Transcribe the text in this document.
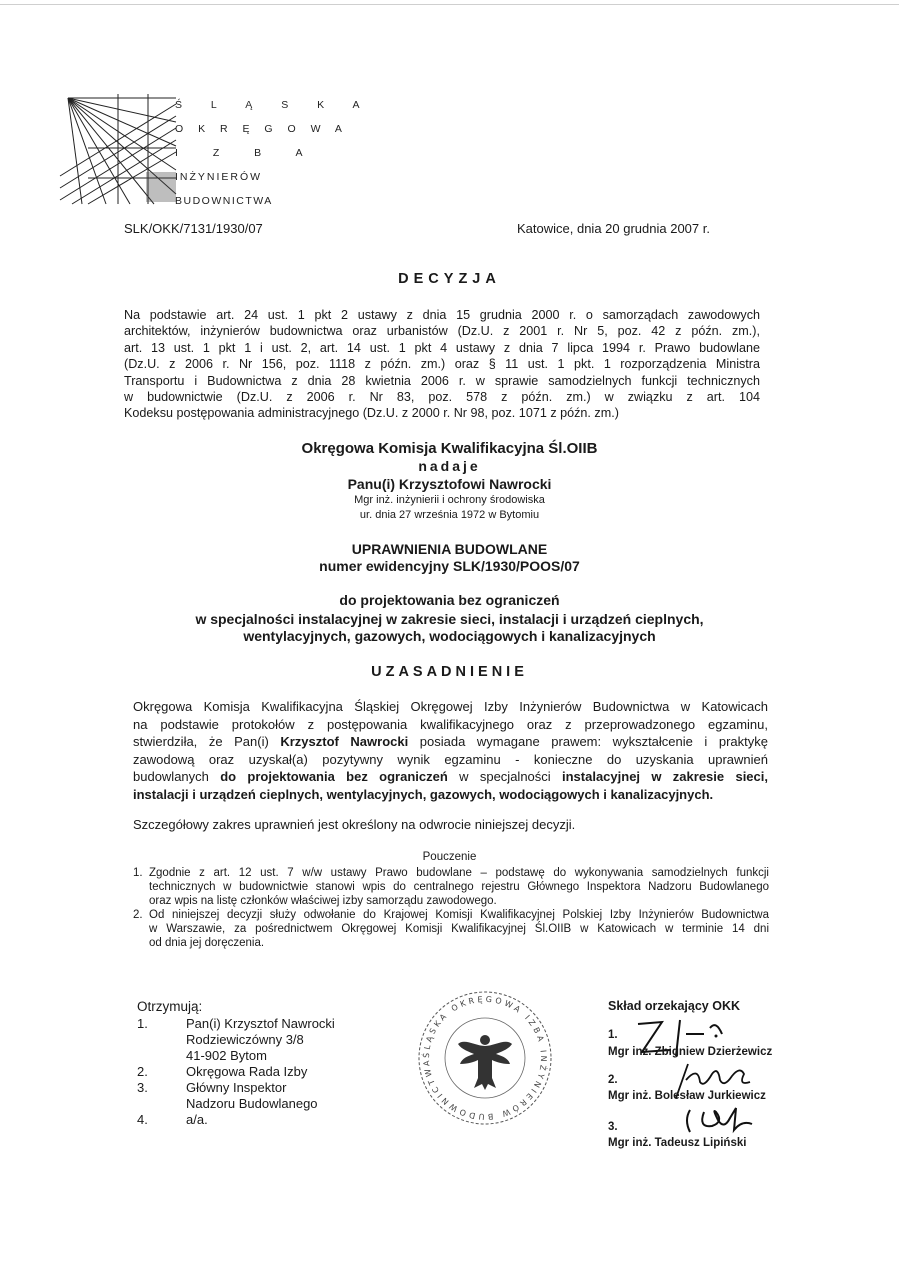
Ś L Ą S K A
O K R Ę G O W A
I Z B A
INŻYNIERÓW
BUDOWNICTWA
SLK/OKK/7131/1930/07	Katowice, dnia 20 grudnia 2007 r.
DECYZJA
Na podstawie art. 24 ust. 1 pkt 2 ustawy z dnia 15 grudnia 2000 r. o samorządach zawodowych
architektów, inżynierów budownictwa oraz urbanistów (Dz.U. z 2001 r. Nr 5, poz. 42 z późn. zm.),
art. 13 ust. 1 pkt 1 i ust. 2, art. 14 ust. 1 pkt 4 ustawy z dnia 7 lipca 1994 r. Prawo budowlane
(Dz.U. z 2006 r. Nr 156, poz. 1118 z późn. zm.) oraz § 11 ust. 1 pkt. 1 rozporządzenia Ministra
Transportu i Budownictwa z dnia 28 kwietnia 2006 r. w sprawie samodzielnych funkcji technicznych
w budownictwie (Dz.U. z 2006 r. Nr 83, poz. 578 z późn. zm.) w związku z art. 104
Kodeksu postępowania administracyjnego (Dz.U. z 2000 r. Nr 98, poz. 1071 z późn. zm.)
Okręgowa Komisja Kwalifikacyjna Śl.OIIB
nadaje
Panu(i) Krzysztofowi Nawrocki
Mgr inż. inżynierii i ochrony środowiska
ur. dnia 27 września 1972 w Bytomiu
UPRAWNIENIA BUDOWLANE
numer ewidencyjny SLK/1930/POOS/07
do projektowania bez ograniczeń
w specjalności instalacyjnej w zakresie sieci, instalacji i urządzeń cieplnych,
wentylacyjnych, gazowych, wodociągowych i kanalizacyjnych
UZASADNIENIE
Okręgowa Komisja Kwalifikacyjna Śląskiej Okręgowej Izby Inżynierów Budownictwa w Katowicach
na podstawie protokołów z postępowania kwalifikacyjnego oraz z przeprowadzonego egzaminu,
stwierdziła, że Pan(i) Krzysztof Nawrocki posiada wymagane prawem: wykształcenie i praktykę
zawodową oraz uzyskał(a) pozytywny wynik egzaminu - konieczne do uzyskania uprawnień
budowlanych do projektowania bez ograniczeń w specjalności instalacyjnej w zakresie sieci,
instalacji i urządzeń cieplnych, wentylacyjnych, gazowych, wodociągowych i kanalizacyjnych.
Szczegółowy zakres uprawnień jest określony na odwrocie niniejszej decyzji.
Pouczenie
1. Zgodnie z art. 12 ust. 7 w/w ustawy Prawo budowlane – podstawę do wykonywania samodzielnych funkcji
technicznych w budownictwie stanowi wpis do centralnego rejestru Głównego Inspektora Nadzoru Budowlanego
oraz wpis na listę członków właściwej izby samorządu zawodowego.
2. Od niniejszej decyzji służy odwołanie do Krajowej Komisji Kwalifikacyjnej Polskiej Izby Inżynierów Budownictwa
w Warszawie, za pośrednictwem Okręgowej Komisji Kwalifikacyjnej Śl.OIIB w Katowicach w terminie 14 dni
od dnia jej doręczenia.
Otrzymują:
1.	Pan(i) Krzysztof Nawrocki
Rodziewiczówny 3/8
41-902 Bytom
2.	Okręgowa Rada Izby
3.	Główny Inspektor
Nadzoru Budowlanego
4.	a/a.
ŚLĄSKA OKRĘGOWA IZBA INŻYNIERÓW BUDOWNICTWA
Skład orzekający OKK
1.
Mgr inż. Zbigniew Dzierżewicz
2.
Mgr inż. Bolesław Jurkiewicz
3.
Mgr inż. Tadeusz Lipiński
